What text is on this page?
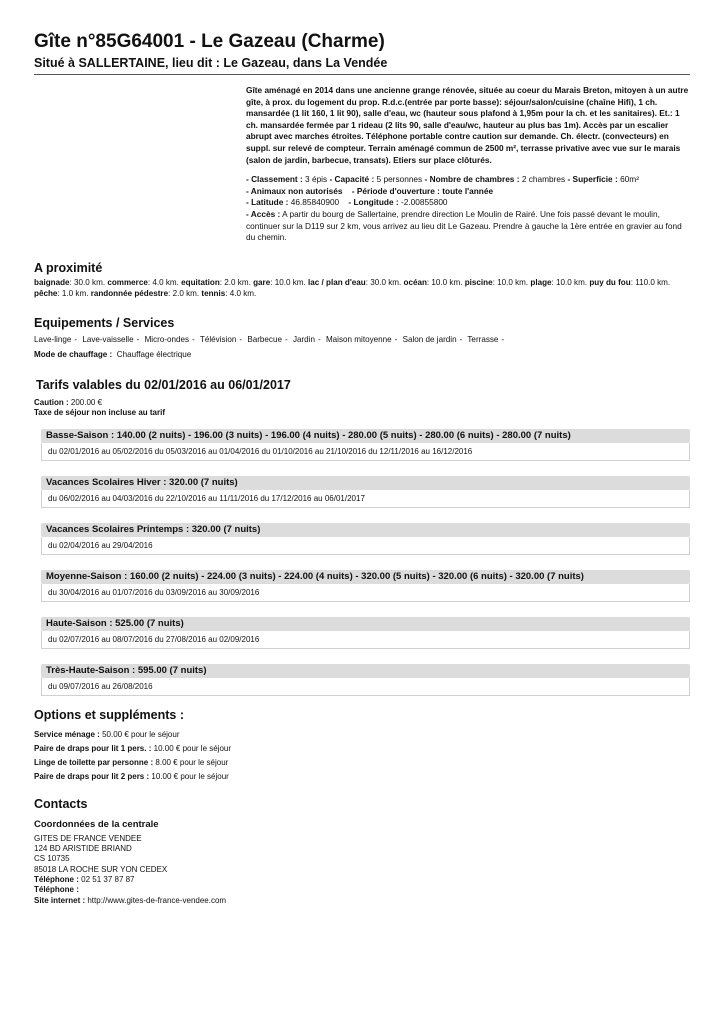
Gîte n°85G64001 - Le Gazeau (Charme)
Situé à SALLERTAINE, lieu dit : Le Gazeau, dans La Vendée
Gîte aménagé en 2014 dans une ancienne grange rénovée, située au coeur du Marais Breton, mitoyen à un autre gîte, à prox. du logement du prop. R.d.c.(entrée par porte basse): séjour/salon/cuisine (chaîne Hifi), 1 ch. mansardée (1 lit 160, 1 lit 90), salle d'eau, wc (hauteur sous plafond à 1,95m pour la ch. et les sanitaires). Et.: 1 ch. mansardée fermée par 1 rideau (2 lits 90, salle d'eau/wc, hauteur au plus bas 1m). Accès par un escalier abrupt avec marches étroites. Téléphone portable contre caution sur demande. Ch. électr. (convecteurs) en suppl. sur relevé de compteur. Terrain aménagé commun de 2500 m², terrasse privative avec vue sur le marais (salon de jardin, barbecue, transats). Etiers sur place clôturés.
- Classement : 3 épis - Capacité : 5 personnes - Nombre de chambres : 2 chambres - Superficie : 60m²
- Animaux non autorisés - Période d'ouverture : toute l'année
- Latitude : 46.85840900 - Longitude : -2.00855800
- Accès : A partir du bourg de Sallertaine, prendre direction Le Moulin de Rairé. Une fois passé devant le moulin, continuer sur la D119 sur 2 km, vous arrivez au lieu dit Le Gazeau. Prendre à gauche la 1ère entrée en gravier au fond du chemin.
A proximité
baignade: 30.0 km. commerce: 4.0 km. equitation: 2.0 km. gare: 10.0 km. lac / plan d'eau: 30.0 km. océan: 10.0 km. piscine: 10.0 km. plage: 10.0 km. puy du fou: 110.0 km. pêche: 1.0 km. randonnée pédestre: 2.0 km. tennis: 4.0 km.
Equipements / Services
Lave-linge - Lave-vaisselle - Micro-ondes - Télévision - Barbecue - Jardin - Maison mitoyenne - Salon de jardin - Terrasse -
Mode de chauffage : Chauffage électrique
Tarifs valables du 02/01/2016 au 06/01/2017
Caution : 200.00 €
Taxe de séjour non incluse au tarif
Basse-Saison : 140.00 (2 nuits) - 196.00 (3 nuits) - 196.00 (4 nuits) - 280.00 (5 nuits) - 280.00 (6 nuits) - 280.00 (7 nuits)
du 02/01/2016 au 05/02/2016 du 05/03/2016 au 01/04/2016 du 01/10/2016 au 21/10/2016 du 12/11/2016 au 16/12/2016
Vacances Scolaires Hiver : 320.00 (7 nuits)
du 06/02/2016 au 04/03/2016 du 22/10/2016 au 11/11/2016 du 17/12/2016 au 06/01/2017
Vacances Scolaires Printemps : 320.00 (7 nuits)
du 02/04/2016 au 29/04/2016
Moyenne-Saison : 160.00 (2 nuits) - 224.00 (3 nuits) - 224.00 (4 nuits) - 320.00 (5 nuits) - 320.00 (6 nuits) - 320.00 (7 nuits)
du 30/04/2016 au 01/07/2016 du 03/09/2016 au 30/09/2016
Haute-Saison : 525.00 (7 nuits)
du 02/07/2016 au 08/07/2016 du 27/08/2016 au 02/09/2016
Très-Haute-Saison : 595.00 (7 nuits)
du 09/07/2016 au 26/08/2016
Options et suppléments :
Service ménage : 50.00 € pour le séjour
Paire de draps pour lit 1 pers. : 10.00 € pour le séjour
Linge de toilette par personne : 8.00 € pour le séjour
Paire de draps pour lit 2 pers : 10.00 € pour le séjour
Contacts
Coordonnées de la centrale
GITES DE FRANCE VENDEE
124 BD ARISTIDE BRIAND
CS 10735
85018 LA ROCHE SUR YON CEDEX
Téléphone : 02 51 37 87 87
Téléphone :
Site internet : http://www.gites-de-france-vendee.com
